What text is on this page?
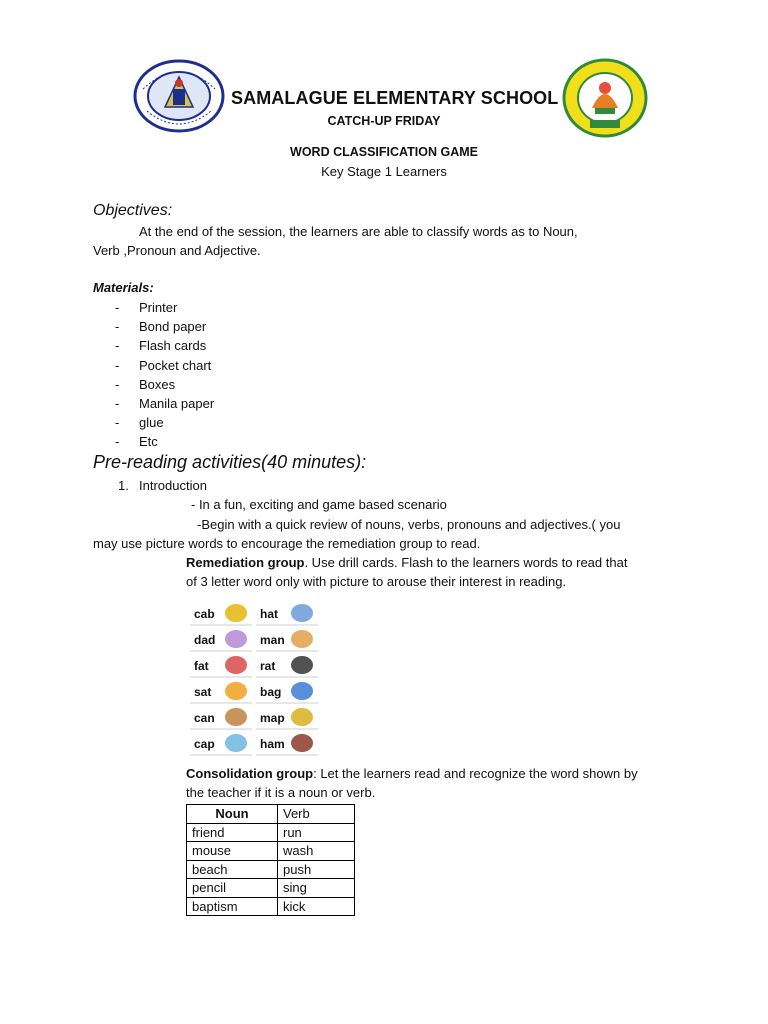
SAMALAGUE ELEMENTARY SCHOOL
CATCH-UP FRIDAY
WORD CLASSIFICATION GAME
Key Stage 1 Learners
Objectives:
At the end of the session, the learners are able to classify words as to Noun,
Verb ,Pronoun and Adjective.
Materials:
- Printer
- Bond paper
- Flash cards
- Pocket chart
- Boxes
- Manila paper
- glue
- Etc
Pre-reading activities(40 minutes):
1. Introduction
- In a fun, exciting and game based scenario
-Begin with a quick review of nouns, verbs, pronouns and adjectives.( you
may use picture words to encourage the remediation group to read.
Remediation group. Use drill cards. Flash to the learners words to read that
of 3 letter word only with picture to arouse their interest in reading.
cab	hat
dad	man
fat	rat
sat	bag
can	map
cap	ham
Consolidation group: Let the learners read and recognize the word shown by
the teacher if it is a noun or verb.
Noun	Verb
friend	run
mouse	wash
beach	push
pencil	sing
baptism	kick
